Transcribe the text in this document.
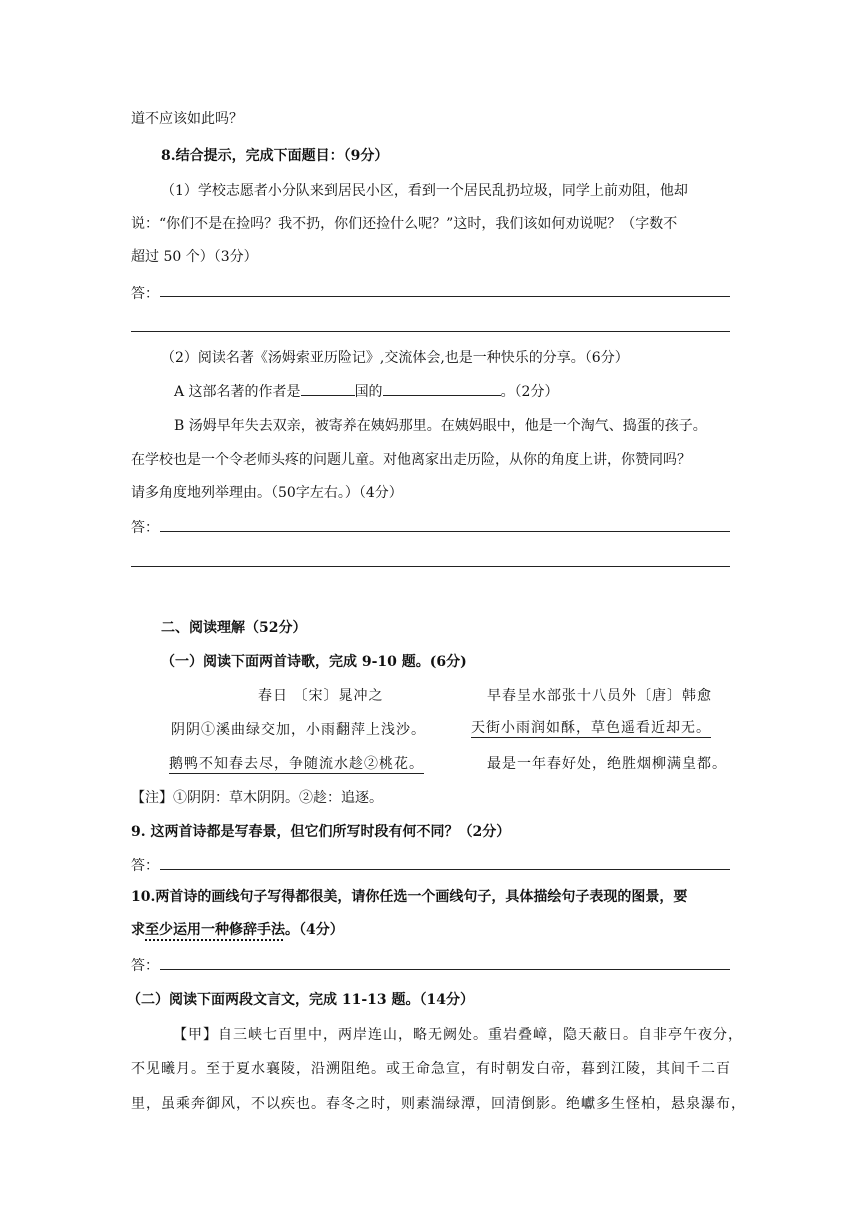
道不应该如此吗？
8.结合提示，完成下面题目：（9分）
（1）学校志愿者小分队来到居民小区，看到一个居民乱扔垃圾，同学上前劝阻，他却
说：“你们不是在捡吗？我不扔，你们还捡什么呢？”这时，我们该如何劝说呢？（字数不
超过 50 个）（3分）
答：
（2）阅读名著《汤姆索亚历险记》,交流体会,也是一种快乐的分享。（6分）
A 这部名著的作者是	国的	。（2分）
B 汤姆早年失去双亲，被寄养在姨妈那里。在姨妈眼中，他是一个淘气、捣蛋的孩子。
在学校也是一个令老师头疼的问题儿童。对他离家出走历险，从你的角度上讲，你赞同吗？
请多角度地列举理由。（50字左右。）（4分）
答：
二、阅读理解（52分）
（一）阅读下面两首诗歌，完成 9-10 题。(6分)
春日 〔宋〕晁冲之	早春呈水部张十八员外〔唐〕韩愈
阴阴①溪曲绿交加，小雨翻萍上浅沙。	天街小雨润如酥，草色遥看近却无。
鹅鸭不知春去尽，争随流水趁②桃花。	最是一年春好处，绝胜烟柳满皇都。
【注】①阴阴：草木阴阴。②趁：追逐。
9. 这两首诗都是写春景，但它们所写时段有何不同？（2分）
答：
10.两首诗的画线句子写得都很美，请你任选一个画线句子，具体描绘句子表现的图景，要
求至少运用一种修辞手法。（4分）
答：
（二）阅读下面两段文言文，完成 11-13 题。（14分）
【甲】自三峡七百里中，两岸连山，略无阙处。重岩叠嶂，隐天蔽日。自非亭午夜分，
不见曦月。至于夏水襄陵，沿溯阻绝。或王命急宣，有时朝发白帝，暮到江陵，其间千二百
里，虽乘奔御风，不以疾也。春冬之时，则素湍绿潭，回清倒影。绝巘多生怪柏，悬泉瀑布，
